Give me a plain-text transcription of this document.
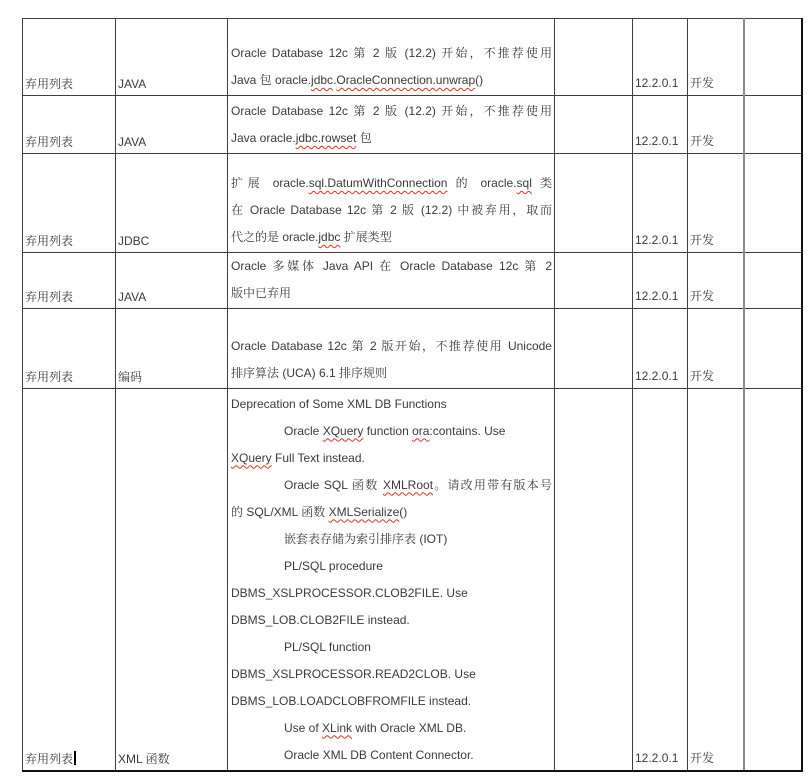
弃用列表	JAVA	Oracle Database 12c 第 2 版 (12.2) 开始，不推荐使用
Java 包 oracle.jdbc.OracleConnection.unwrap()		12.2.0.1	开发	
弃用列表	JAVA	Oracle Database 12c 第 2 版 (12.2) 开始，不推荐使用
Java oracle.jdbc.rowset 包		12.2.0.1	开发	
弃用列表	JDBC	扩展 oracle.sql.DatumWithConnection 的 oracle.sql 类
在 Oracle Database 12c 第 2 版 (12.2) 中被弃用，取而
代之的是 oracle.jdbc 扩展类型		12.2.0.1	开发	
弃用列表	JAVA	Oracle 多媒体 Java API 在 Oracle Database 12c 第 2
版中已弃用		12.2.0.1	开发	
弃用列表	编码	Oracle Database 12c 第 2 版开始，不推荐使用 Unicode
排序算法 (UCA) 6.1 排序规则		12.2.0.1	开发	
弃用列表	XML 函数	
Deprecation of Some XML DB Functions
Oracle XQuery function ora:contains. Use
XQuery Full Text instead.
Oracle SQL 函数 XMLRoot。请改用带有版本号
的 SQL/XML 函数 XMLSerialize()
嵌套表存储为索引排序表 (IOT)
PL/SQL procedure
DBMS_XSLPROCESSOR.CLOB2FILE. Use
DBMS_LOB.CLOB2FILE instead.
PL/SQL function
DBMS_XSLPROCESSOR.READ2CLOB. Use
DBMS_LOB.LOADCLOBFROMFILE instead.
Use of XLink with Oracle XML DB.
Oracle XML DB Content Connector.		12.2.0.1	开发	
